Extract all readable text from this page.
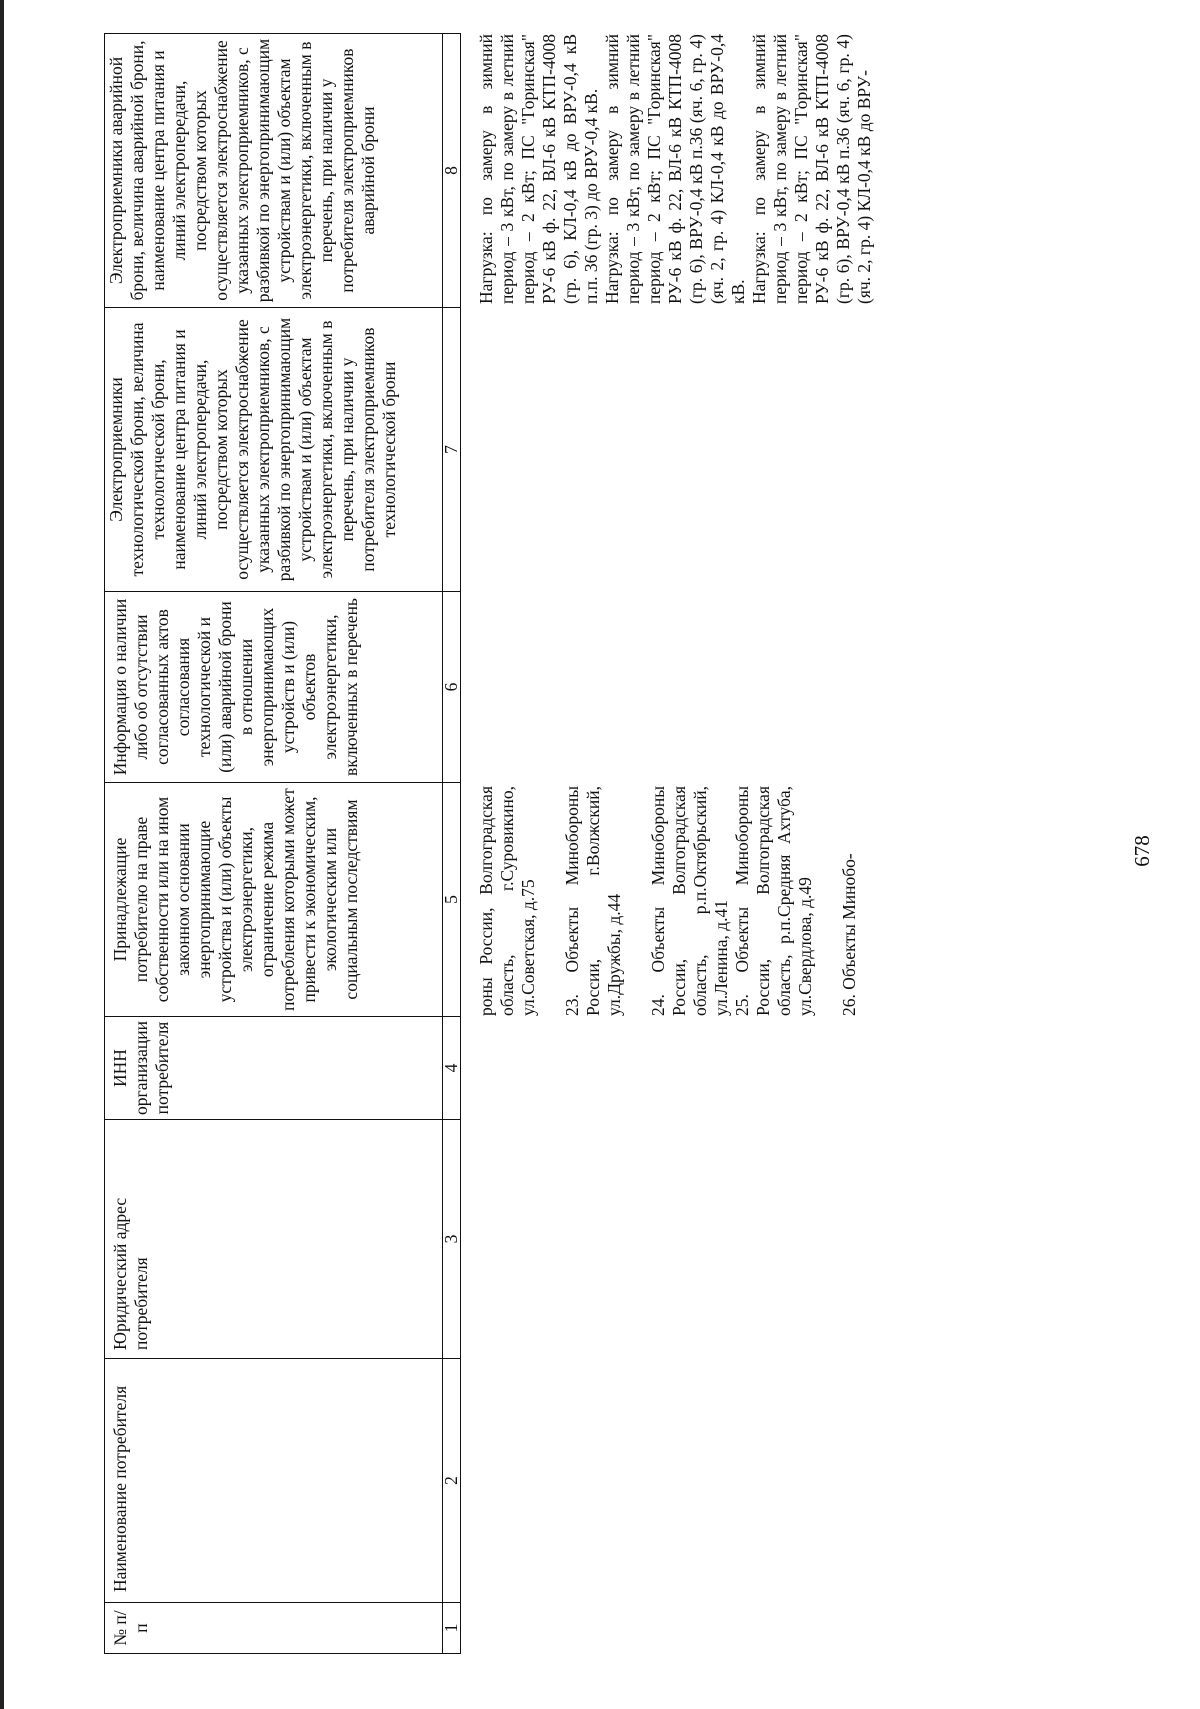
678
№ п/п
Наименование потребителя
Юридический адрес потребителя
ИНН организации потребителя
Принадлежащие потребителю на праве собственности или на ином законном основании энергопринимающие устройства и (или) объекты электроэнергетики, ограничение режима потребления которыми может привести к экономическим, экологическим или социальным последствиям
Информация о наличии либо об отсутствии согласованных актов согласования технологической и (или) аварийной брони в отношении энергопринимающих устройств и (или) объектов электроэнергетики, включенных в перечень
Электроприемники технологической брони, величина технологической брони, наименование центра питания и линий электропередачи, посредством которых осуществляется электроснабжение указанных электроприемников, с разбивкой по энергопринимающим устройствам и (или) объектам электроэнергетики, включенным в перечень, при наличии у потребителя электроприемников технологической брони
Электроприемники аварийной брони, величина аварийной брони, наименование центра питания и линий электропередачи, посредством которых осуществляется электроснабжение указанных электроприемников, с разбивкой по энергопринимающим устройствам и (или) объектам электроэнергетики, включенным в перечень, при наличии у потребителя электроприемников аварийной брони
1
2
3
4
5
6
7
8

роны России, Волгоградская область, г.Суровикино, ул.Советская, д.75 23. Объекты Минобороны России, г.Волжский, ул.Дружбы, д.44 24. Объекты Минобороны России, Волгоградская область, р.п.Октябрьский, ул.Ленина, д.41 25. Объекты Минобороны России, Волгоградская область, р.п.Средняя Ахтуба, ул.Свердлова, д.49 26. Объекты Минобо-

Нагрузка: по замеру в зимний период – 3 кВт, по замеру в летний период – 2 кВт; ПС "Горинская" РУ-6 кВ ф. 22, ВЛ-6 кВ КТП-4008 (гр. 6), КЛ-0,4 кВ до ВРУ-0,4 кВ п.п. 36 (гр. 3) до ВРУ-0,4 кВ. Нагрузка: по замеру в зимний период – 3 кВт, по замеру в летний период – 2 кВт; ПС "Горинская" РУ-6 кВ ф. 22, ВЛ-6 кВ КТП-4008 (гр. 6), ВРУ-0,4 кВ п.36 (яч. 6, гр. 4) (яч. 2, гр. 4) КЛ-0,4 кВ до ВРУ-0,4 кВ. Нагрузка: по замеру в зимний период – 3 кВт, по замеру в летний период – 2 кВт; ПС "Горинская" РУ-6 кВ ф. 22, ВЛ-6 кВ КТП-4008 (гр. 6), ВРУ-0,4 кВ п.36 (яч. 6, гр. 4) (яч. 2, гр. 4) КЛ-0,4 кВ до ВРУ-
